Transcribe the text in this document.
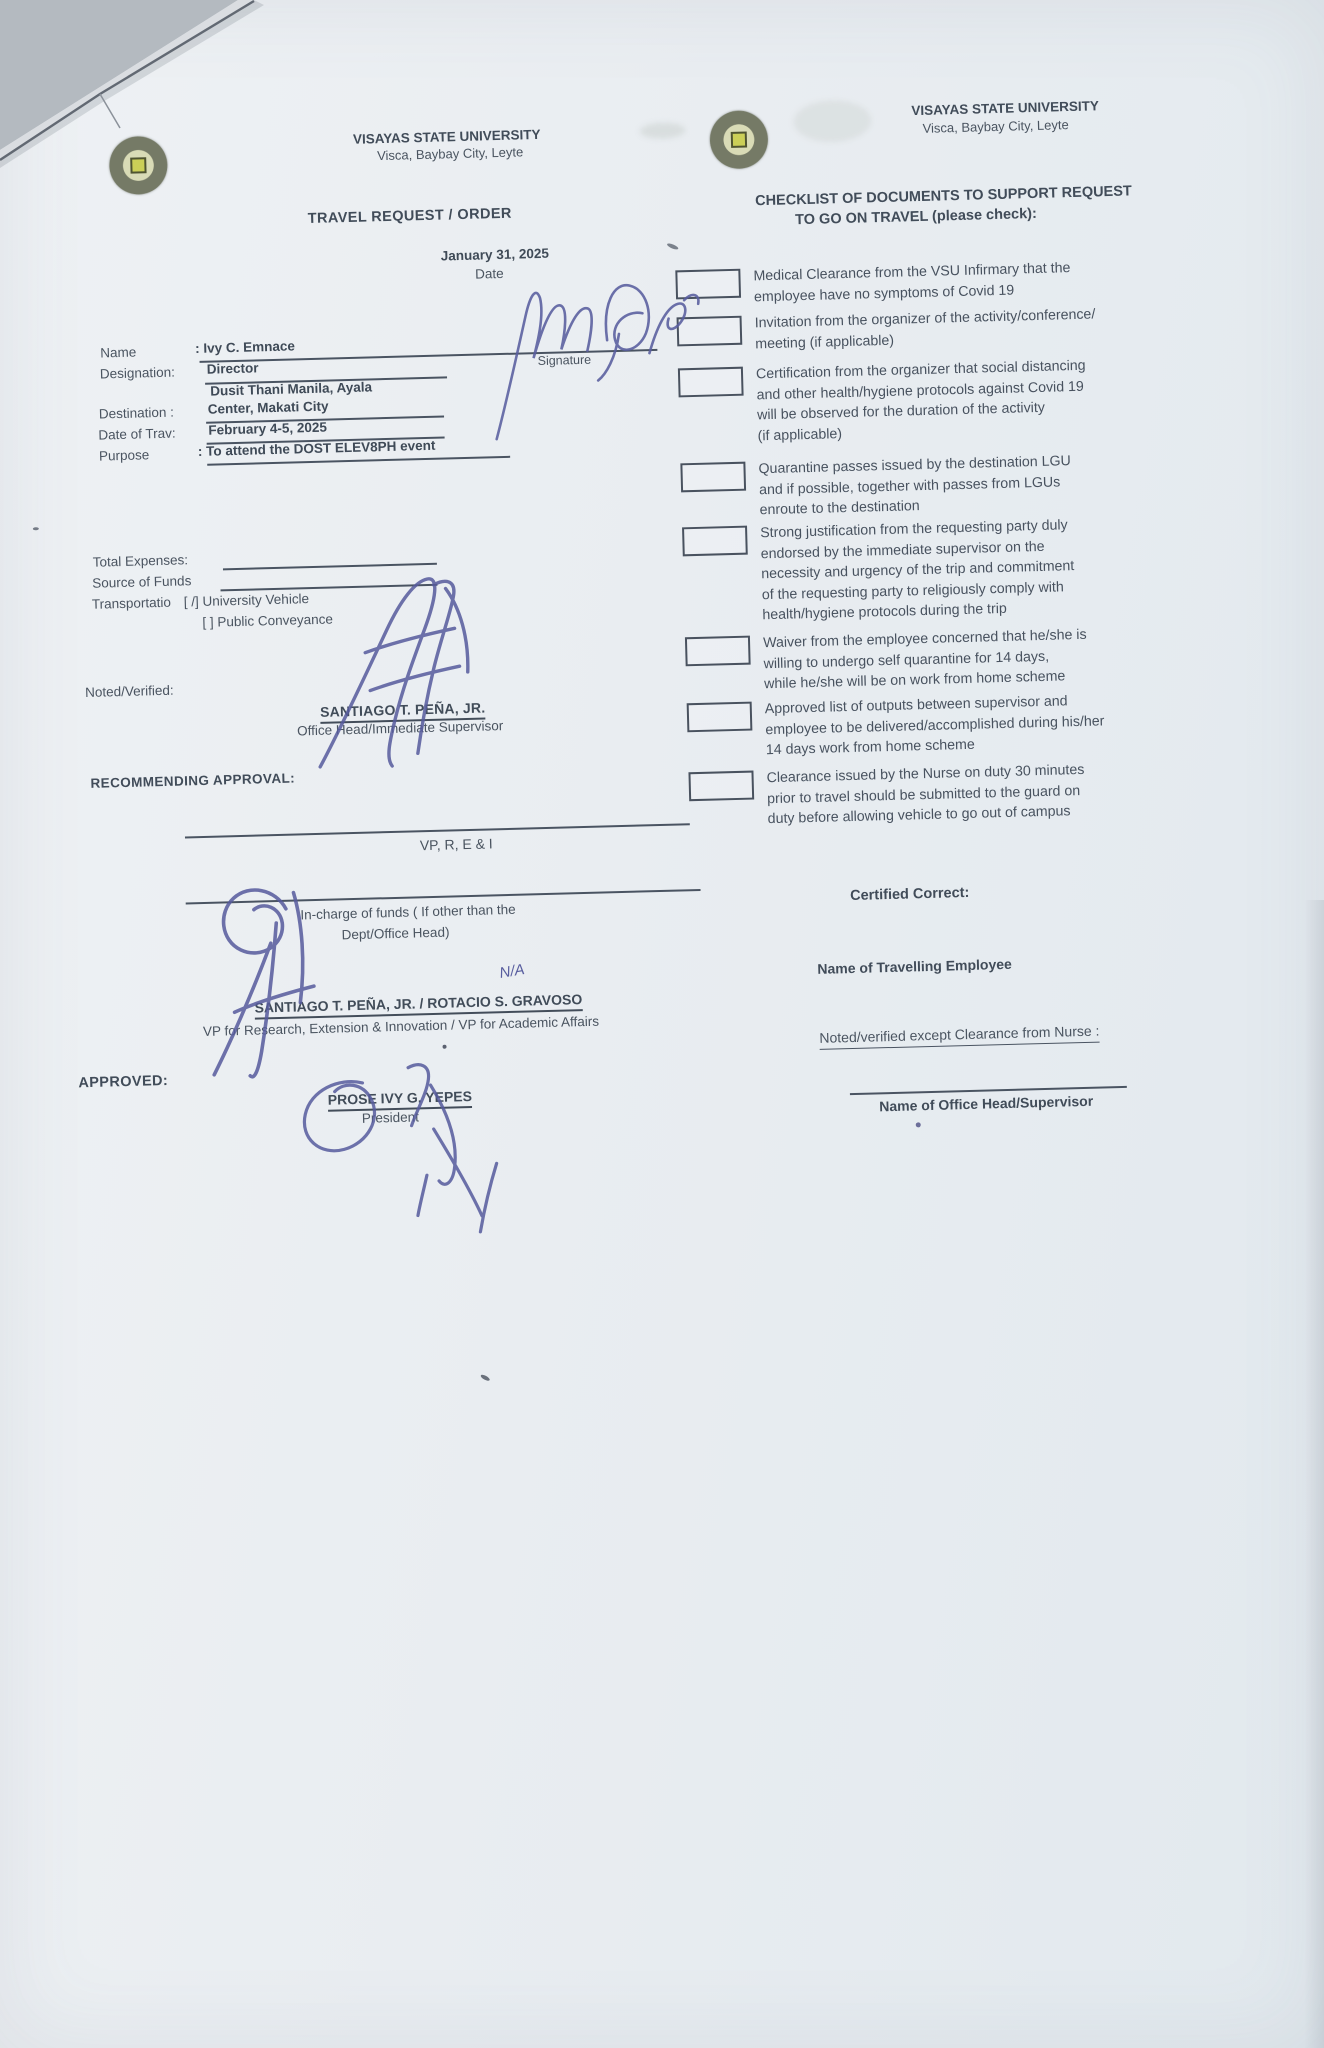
VISAYAS STATE UNIVERSITY
Visca, Baybay City, Leyte
TRAVEL REQUEST / ORDER
January 31, 2025
Date
Name	: Ivy C. Emnace
Signature
Designation: Director
Dusit Thani Manila, Ayala
Destination : Center, Makati City
Date of Trav: February 4-5, 2025
Purpose	: To attend the DOST ELEV8PH event
Total Expenses:
Source of Funds
Transportatio [ /] University Vehicle
[ ] Public Conveyance
Noted/Verified:
SANTIAGO T. PEÑA, JR.
Office Head/Immediate Supervisor
RECOMMENDING APPROVAL:
VP, R, E & I
In-charge of funds ( If other than the
Dept/Office Head)
N/A
SANTIAGO T. PEÑA, JR. / ROTACIO S. GRAVOSO
VP for Research, Extension & Innovation / VP for Academic Affairs
APPROVED:
PROSE IVY G. YEPES
President
VISAYAS STATE UNIVERSITY
Visca, Baybay City, Leyte
CHECKLIST OF DOCUMENTS TO SUPPORT REQUEST
TO GO ON TRAVEL (please check):
Medical Clearance from the VSU Infirmary that the
employee have no symptoms of Covid 19
Invitation from the organizer of the activity/conference/
meeting (if applicable)
Certification from the organizer that social distancing
and other health/hygiene protocols against Covid 19
will be observed for the duration of the activity
(if applicable)
Quarantine passes issued by the destination LGU
and if possible, together with passes from LGUs
enroute to the destination
Strong justification from the requesting party duly
endorsed by the immediate supervisor on the
necessity and urgency of the trip and commitment
of the requesting party to religiously comply with
health/hygiene protocols during the trip
Waiver from the employee concerned that he/she is
willing to undergo self quarantine for 14 days,
while he/she will be on work from home scheme
Approved list of outputs between supervisor and
employee to be delivered/accomplished during his/her
14 days work from home scheme
Clearance issued by the Nurse on duty 30 minutes
prior to travel should be submitted to the guard on
duty before allowing vehicle to go out of campus
Certified Correct:
Name of Travelling Employee
Noted/verified except Clearance from Nurse :
Name of Office Head/Supervisor
